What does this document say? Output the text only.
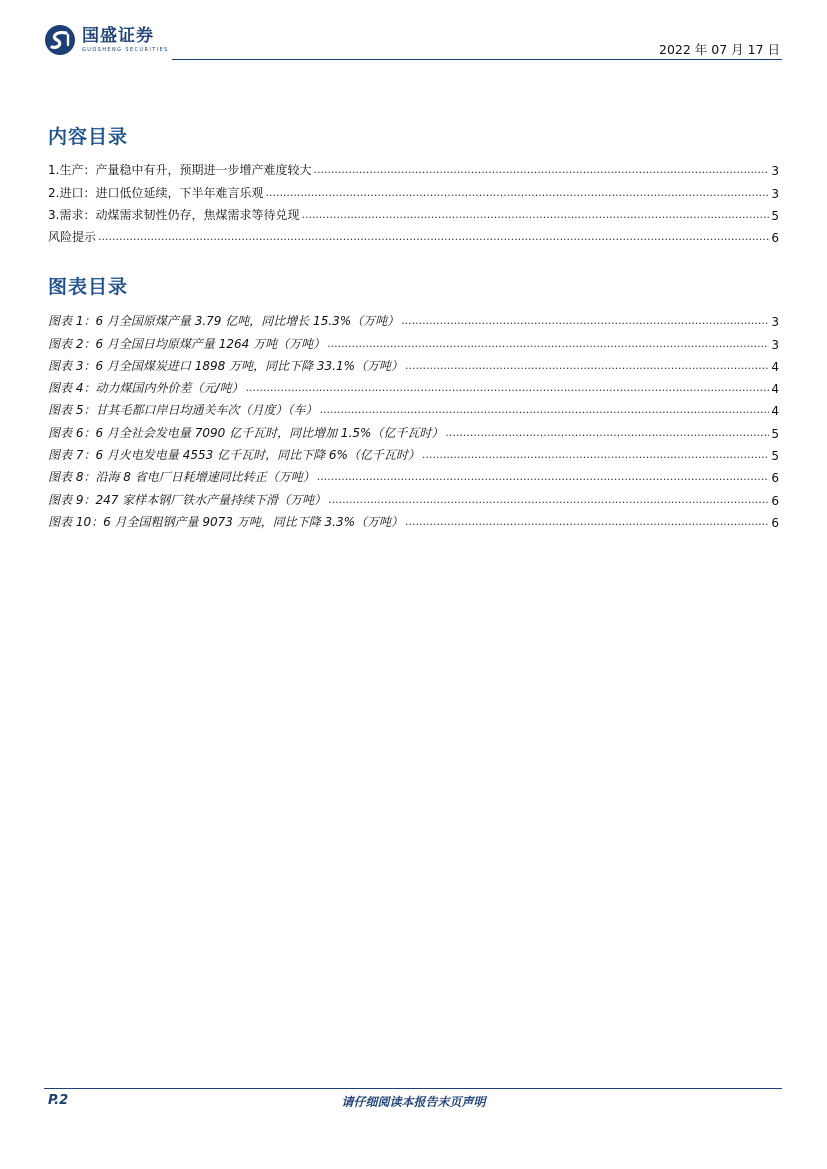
国盛证券
GUOSHENG SECURITIES	2022 年 07 月 17 日
内容目录
1.生产：产量稳中有升，预期进一步增产难度较大 .....	3
2.进口：进口低位延续，下半年难言乐观 .....	3
3.需求：动煤需求韧性仍存，焦煤需求等待兑现 .....	5
风险提示 .....	6
图表目录
图表 1：6 月全国原煤产量 3.79 亿吨，同比增长 15.3%（万吨） .....	3
图表 2：6 月全国日均原煤产量 1264 万吨（万吨） .....	3
图表 3：6 月全国煤炭进口 1898 万吨，同比下降 33.1%（万吨） .....	4
图表 4：动力煤国内外价差（元/吨） .....	4
图表 5：甘其毛都口岸日均通关车次（月度）（车） .....	4
图表 6：6 月全社会发电量 7090 亿千瓦时，同比增加 1.5%（亿千瓦时） .....	5
图表 7：6 月火电发电量 4553 亿千瓦时，同比下降 6%（亿千瓦时） .....	5
图表 8：沿海 8 省电厂日耗增速同比转正（万吨） .....	6
图表 9：247 家样本钢厂铁水产量持续下滑（万吨） .....	6
图表 10：6 月全国粗钢产量 9073 万吨，同比下降 3.3%（万吨） .....	6
P.2	请仔细阅读本报告末页声明
